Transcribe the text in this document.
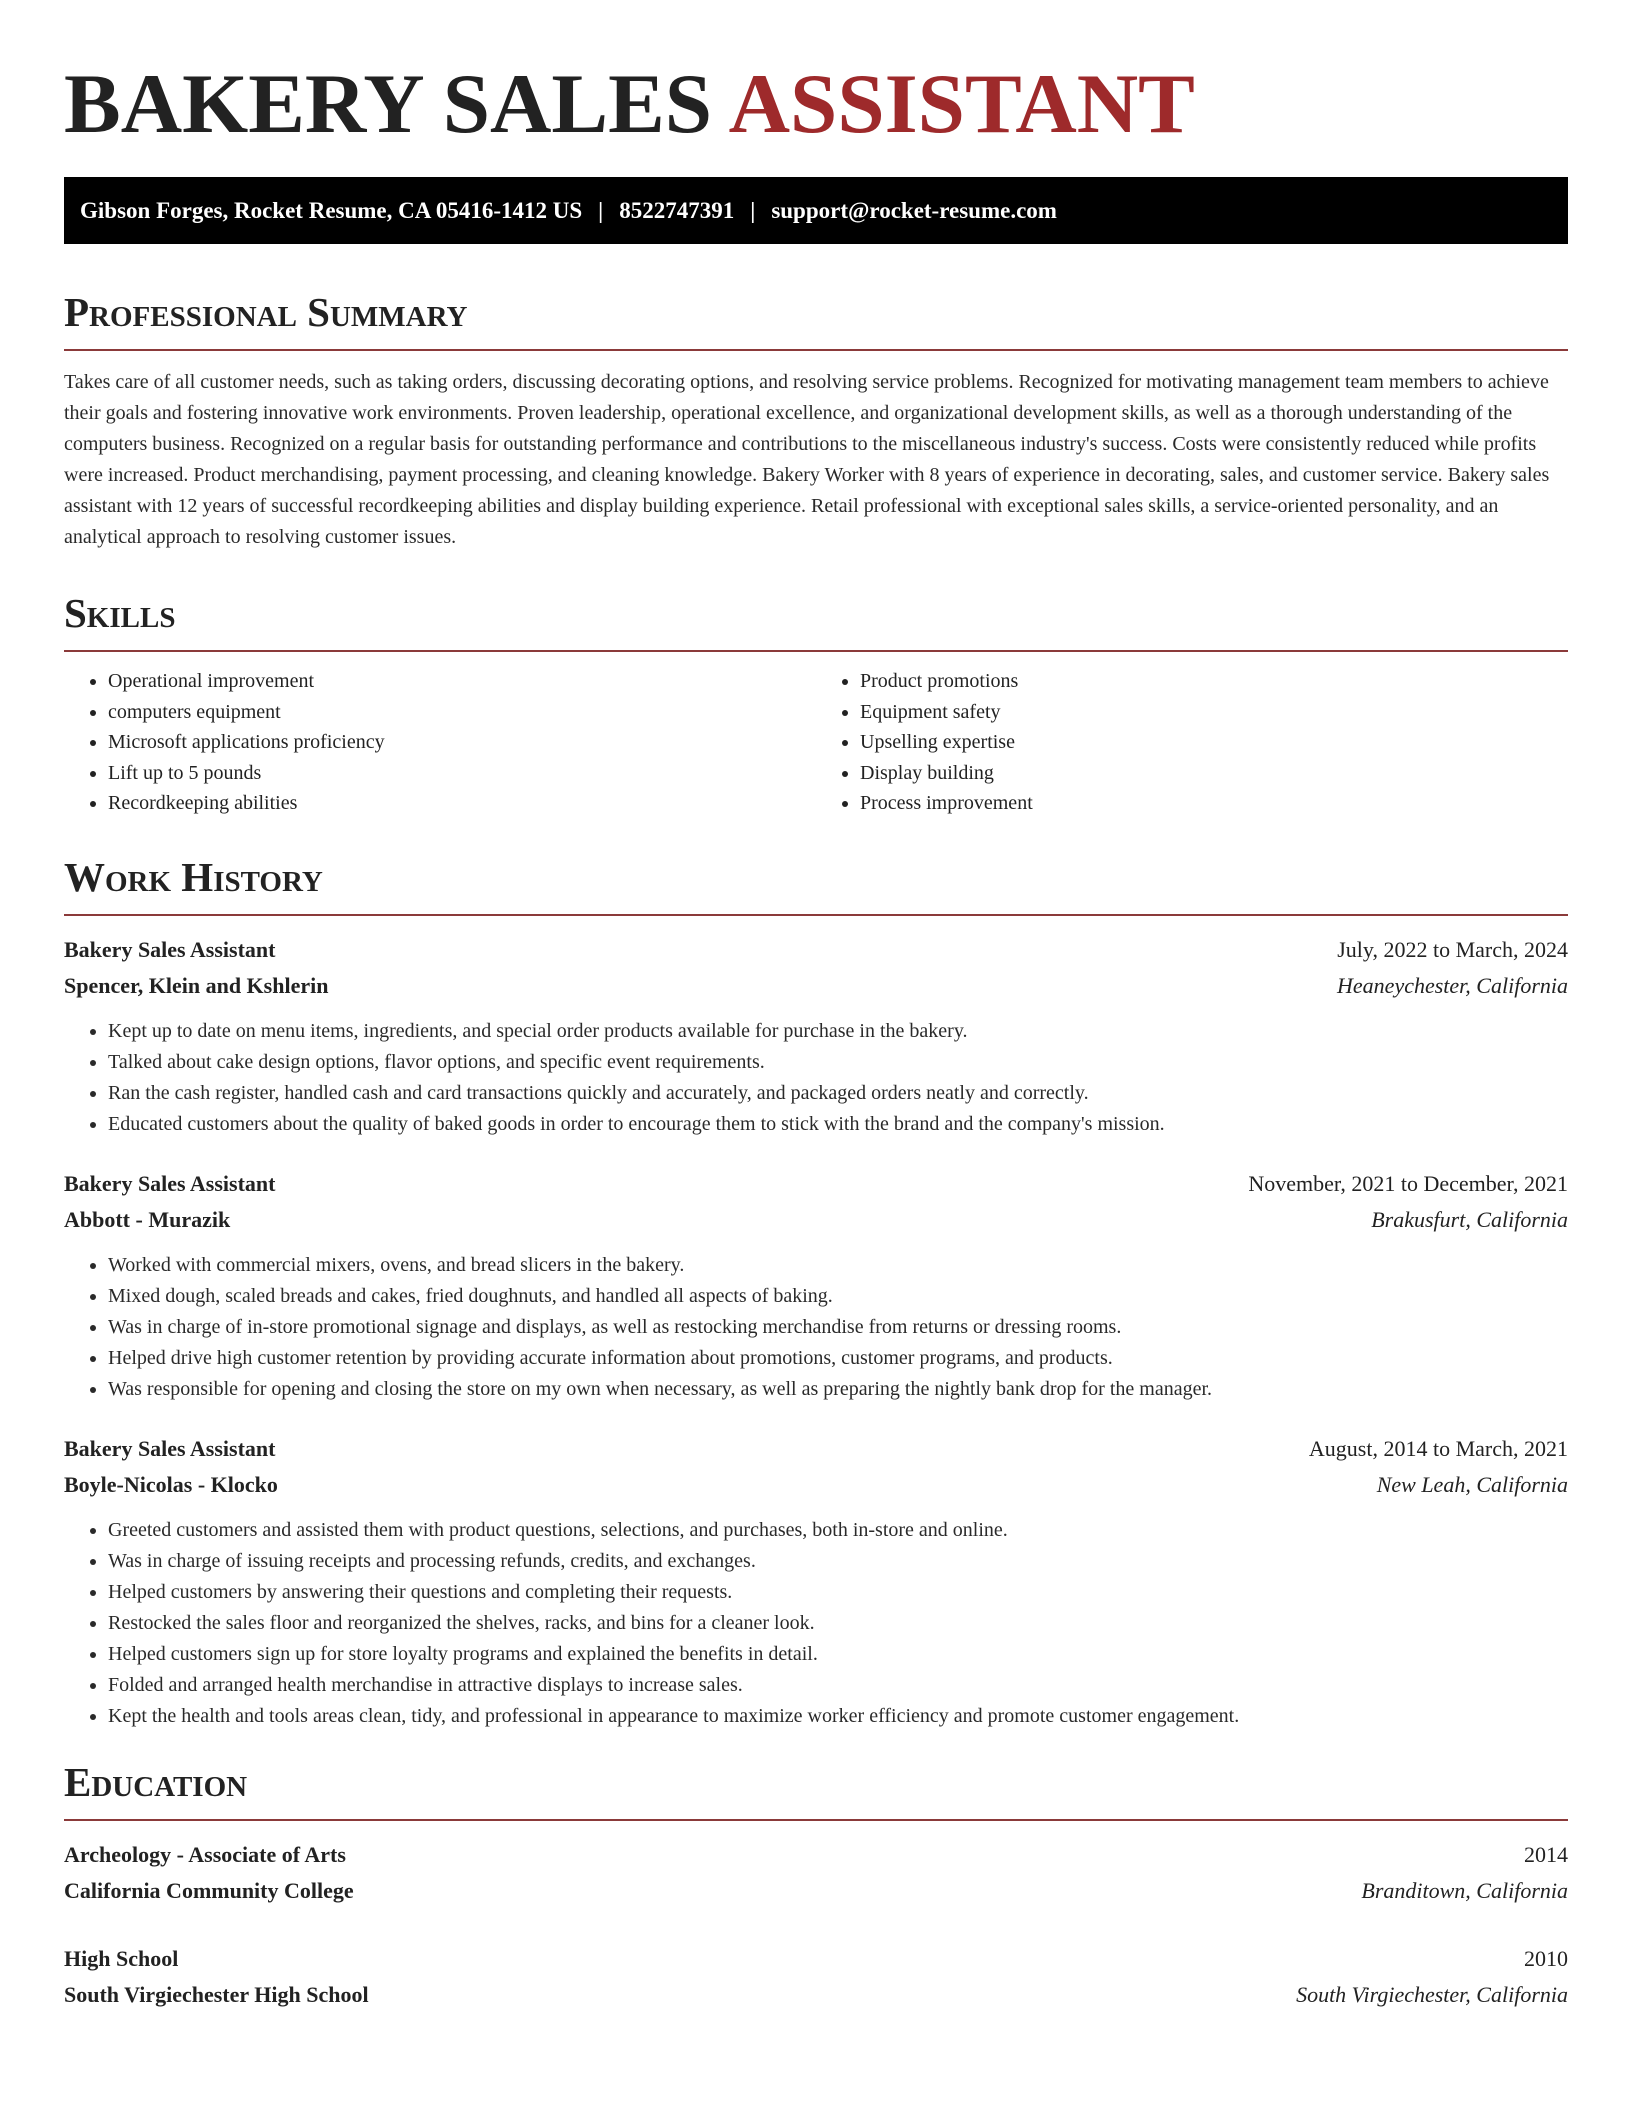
BAKERY SALES ASSISTANT
Gibson Forges, Rocket Resume, CA 05416-1412 US | 8522747391 | support@rocket-resume.com
Professional Summary
Takes care of all customer needs, such as taking orders, discussing decorating options, and resolving service problems. Recognized for motivating management team members to achieve their goals and fostering innovative work environments. Proven leadership, operational excellence, and organizational development skills, as well as a thorough understanding of the computers business. Recognized on a regular basis for outstanding performance and contributions to the miscellaneous industry's success. Costs were consistently reduced while profits were increased. Product merchandising, payment processing, and cleaning knowledge. Bakery Worker with 8 years of experience in decorating, sales, and customer service. Bakery sales assistant with 12 years of successful recordkeeping abilities and display building experience. Retail professional with exceptional sales skills, a service-oriented personality, and an analytical approach to resolving customer issues.
Skills
• Operational improvement
• computers equipment
• Microsoft applications proficiency
• Lift up to 5 pounds
• Recordkeeping abilities
• Product promotions
• Equipment safety
• Upselling expertise
• Display building
• Process improvement
Work History
Bakery Sales Assistant	July, 2022 to March, 2024
Spencer, Klein and Kshlerin	Heaneychester, California
• Kept up to date on menu items, ingredients, and special order products available for purchase in the bakery.
• Talked about cake design options, flavor options, and specific event requirements.
• Ran the cash register, handled cash and card transactions quickly and accurately, and packaged orders neatly and correctly.
• Educated customers about the quality of baked goods in order to encourage them to stick with the brand and the company's mission.
Bakery Sales Assistant	November, 2021 to December, 2021
Abbott - Murazik	Brakusfurt, California
• Worked with commercial mixers, ovens, and bread slicers in the bakery.
• Mixed dough, scaled breads and cakes, fried doughnuts, and handled all aspects of baking.
• Was in charge of in-store promotional signage and displays, as well as restocking merchandise from returns or dressing rooms.
• Helped drive high customer retention by providing accurate information about promotions, customer programs, and products.
• Was responsible for opening and closing the store on my own when necessary, as well as preparing the nightly bank drop for the manager.
Bakery Sales Assistant	August, 2014 to March, 2021
Boyle-Nicolas - Klocko	New Leah, California
• Greeted customers and assisted them with product questions, selections, and purchases, both in-store and online.
• Was in charge of issuing receipts and processing refunds, credits, and exchanges.
• Helped customers by answering their questions and completing their requests.
• Restocked the sales floor and reorganized the shelves, racks, and bins for a cleaner look.
• Helped customers sign up for store loyalty programs and explained the benefits in detail.
• Folded and arranged health merchandise in attractive displays to increase sales.
• Kept the health and tools areas clean, tidy, and professional in appearance to maximize worker efficiency and promote customer engagement.
Education
Archeology - Associate of Arts	2014
California Community College	Branditown, California
High School	2010
South Virgiechester High School	South Virgiechester, California
